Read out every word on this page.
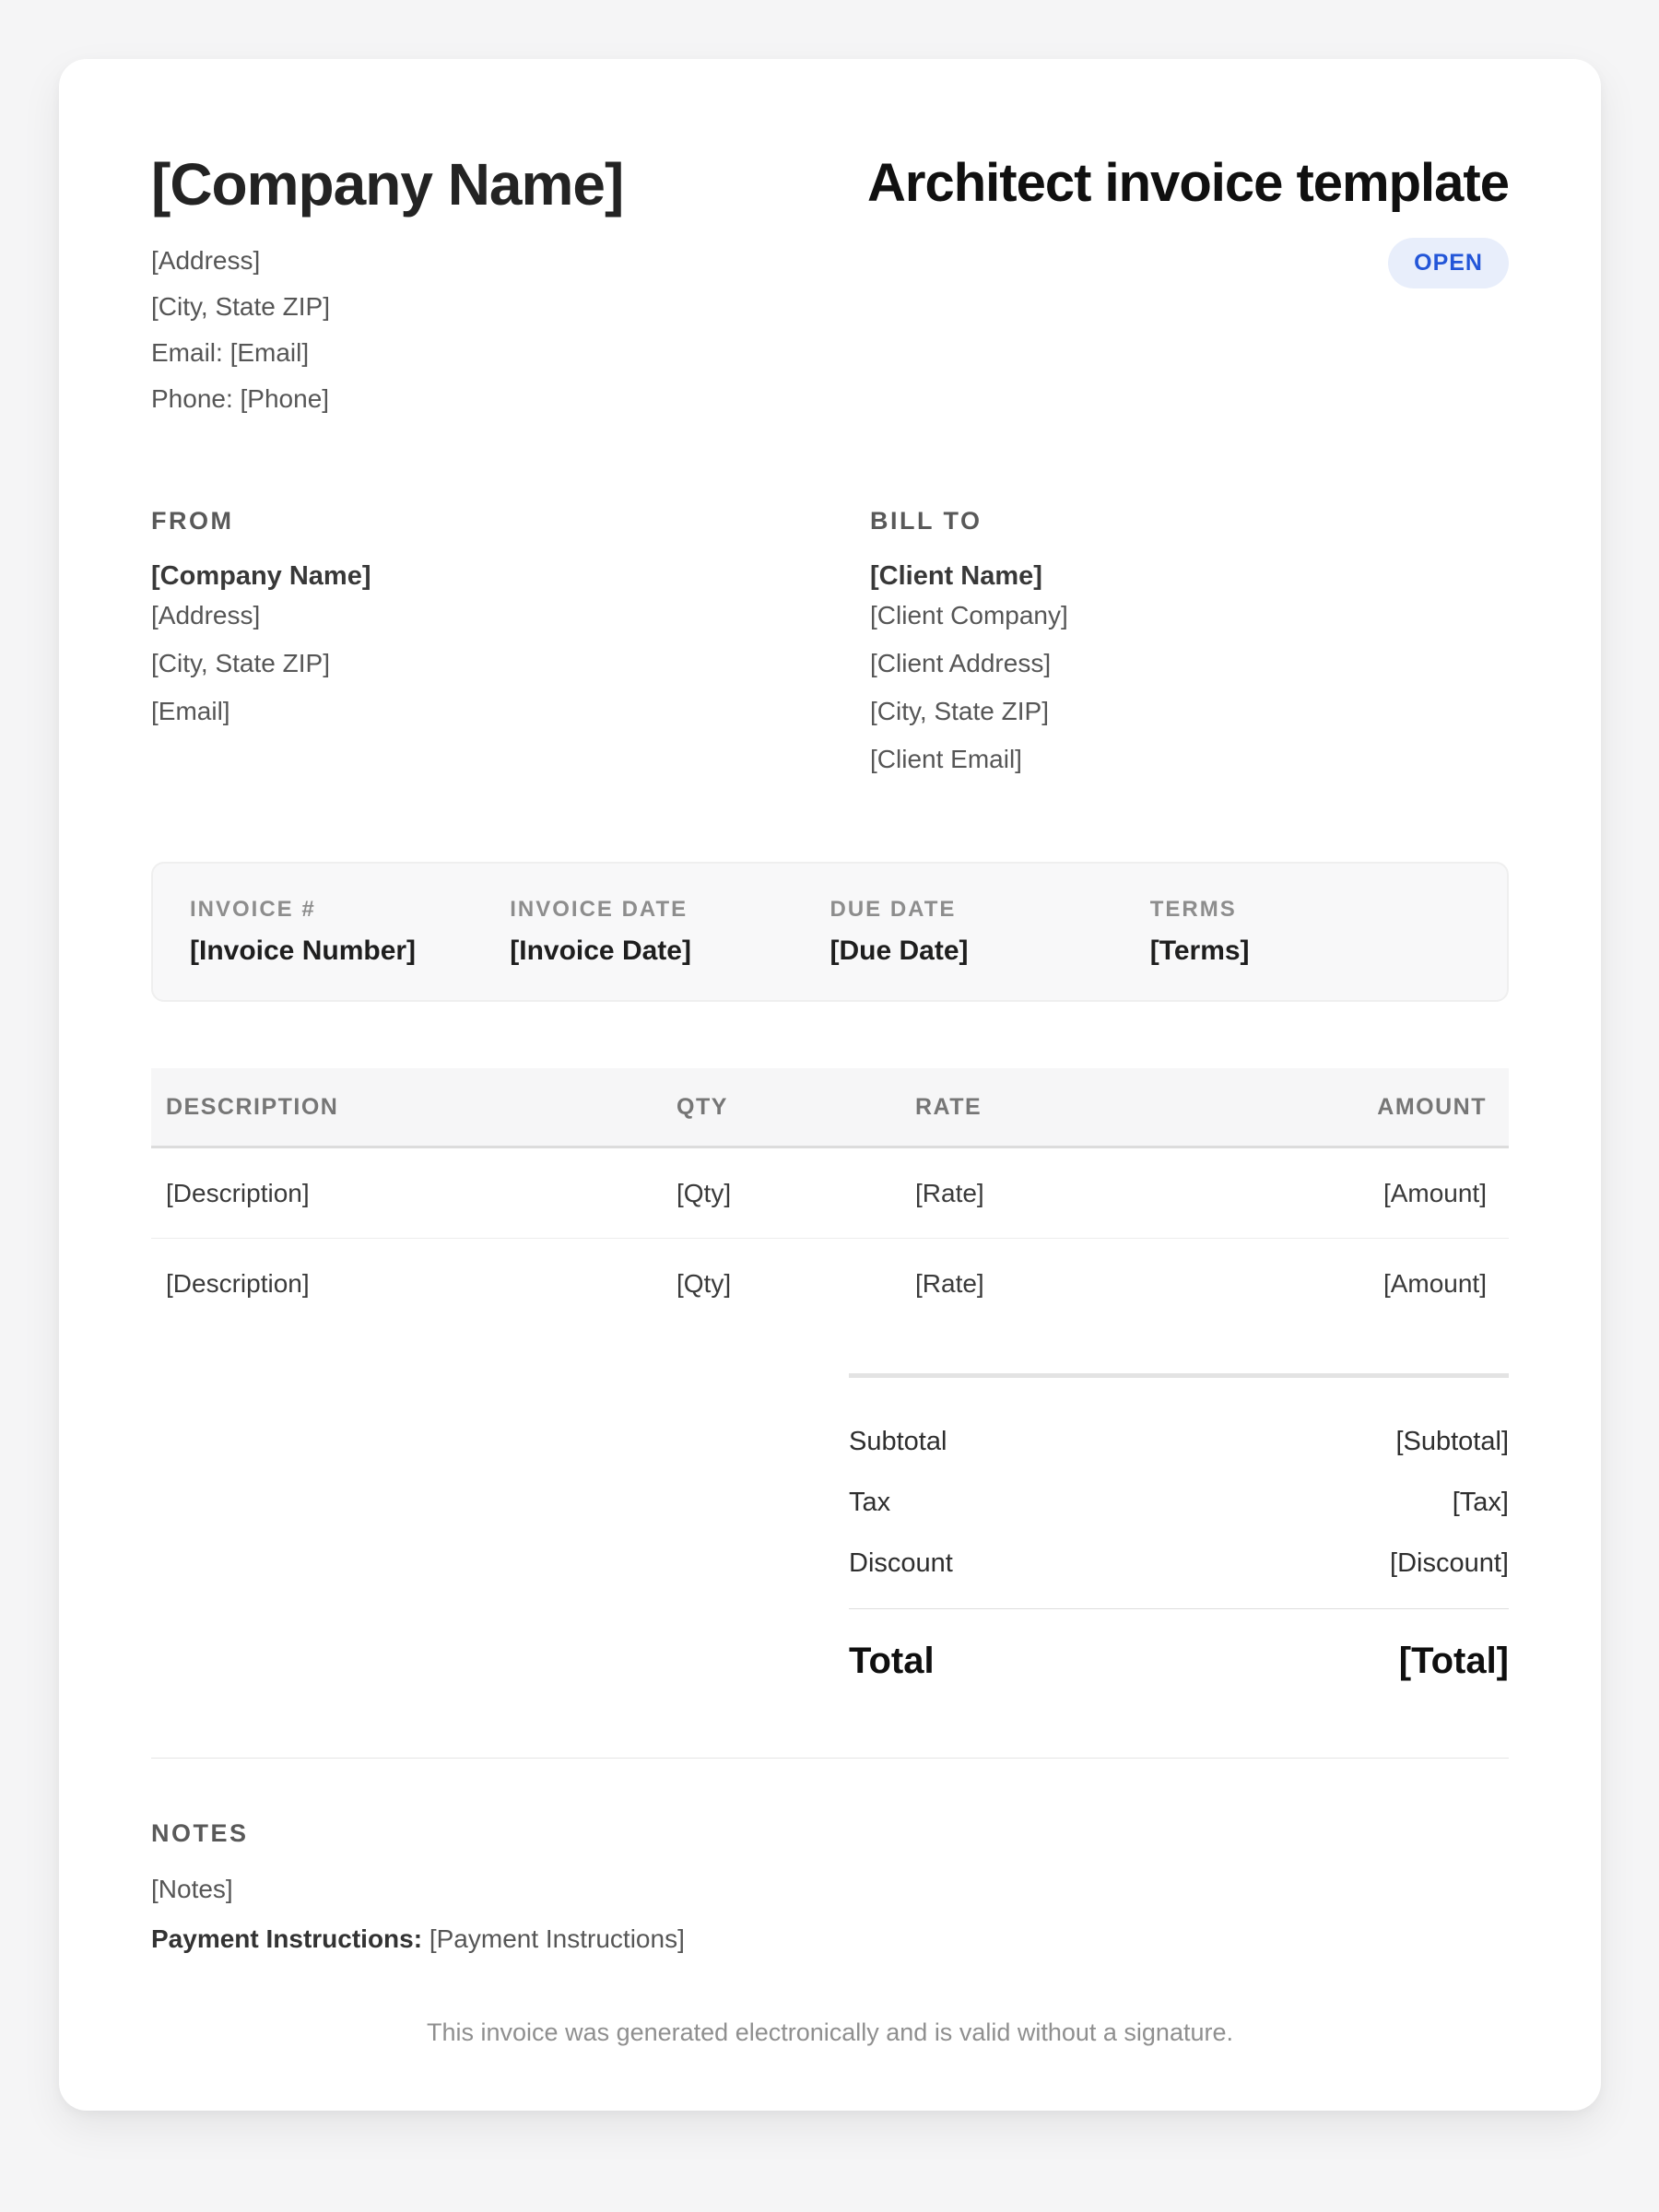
[Company Name]
[Address]
[City, State ZIP]
Email: [Email]
Phone: [Phone]
Architect invoice template
OPEN
FROM
[Company Name]
[Address]
[City, State ZIP]
[Email]
BILL TO
[Client Name]
[Client Company]
[Client Address]
[City, State ZIP]
[Client Email]
INVOICE #
[Invoice Number]
INVOICE DATE
[Invoice Date]
DUE DATE
[Due Date]
TERMS
[Terms]
DESCRIPTION	QTY	RATE	AMOUNT
[Description]	[Qty]	[Rate]	[Amount]
[Description]	[Qty]	[Rate]	[Amount]
Subtotal	[Subtotal]
Tax	[Tax]
Discount	[Discount]
Total	[Total]
NOTES
[Notes]
Payment Instructions: [Payment Instructions]
This invoice was generated electronically and is valid without a signature.
